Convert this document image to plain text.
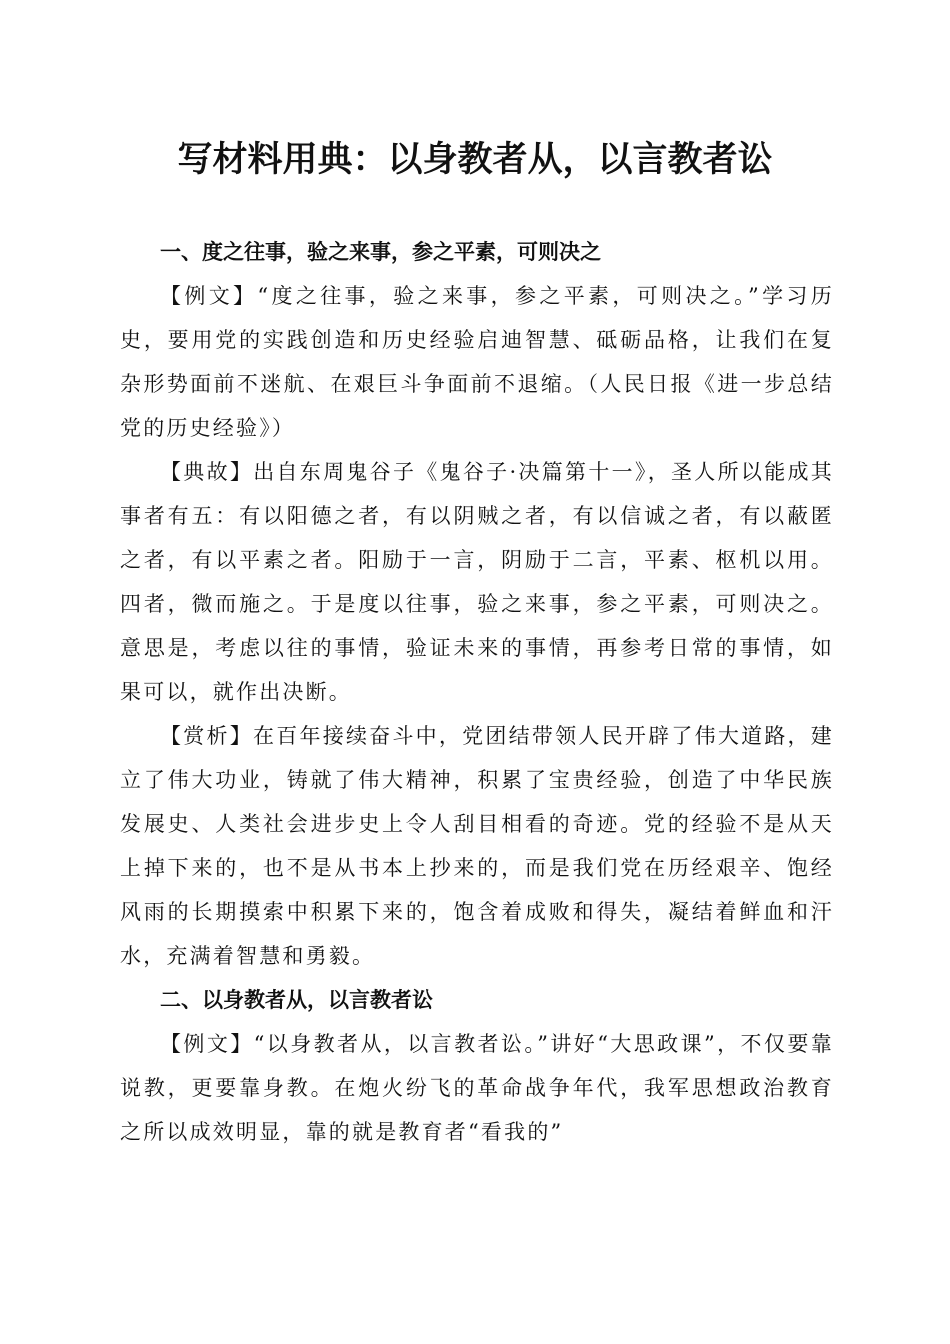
写材料用典：以身教者从，以言教者讼
一、度之往事，验之来事，参之平素，可则决之

【例文】“度之往事，验之来事，参之平素，可则决之。”学习历史，要用党的实践创造和历史经验启迪智慧、砥砺品格，让我们在复杂形势面前不迷航、在艰巨斗争面前不退缩。（人民日报《进一步总结党的历史经验》）

【典故】出自东周鬼谷子《鬼谷子·决篇第十一》，圣人所以能成其事者有五：有以阳德之者，有以阴贼之者，有以信诚之者，有以蔽匿之者，有以平素之者。阳励于一言，阴励于二言，平素、枢机以用。四者，微而施之。于是度以往事，验之来事，参之平素，可则决之。意思是，考虑以往的事情，验证未来的事情，再参考日常的事情，如果可以，就作出决断。

【赏析】在百年接续奋斗中，党团结带领人民开辟了伟大道路，建立了伟大功业，铸就了伟大精神，积累了宝贵经验，创造了中华民族发展史、人类社会进步史上令人刮目相看的奇迹。党的经验不是从天上掉下来的，也不是从书本上抄来的，而是我们党在历经艰辛、饱经风雨的长期摸索中积累下来的，饱含着成败和得失，凝结着鲜血和汗水，充满着智慧和勇毅。

二、以身教者从，以言教者讼

【例文】“以身教者从，以言教者讼。”讲好“大思政课”，不仅要靠说教，更要靠身教。在炮火纷飞的革命战争年代，我军思想政治教育之所以成效明显，靠的就是教育者“看我的”
